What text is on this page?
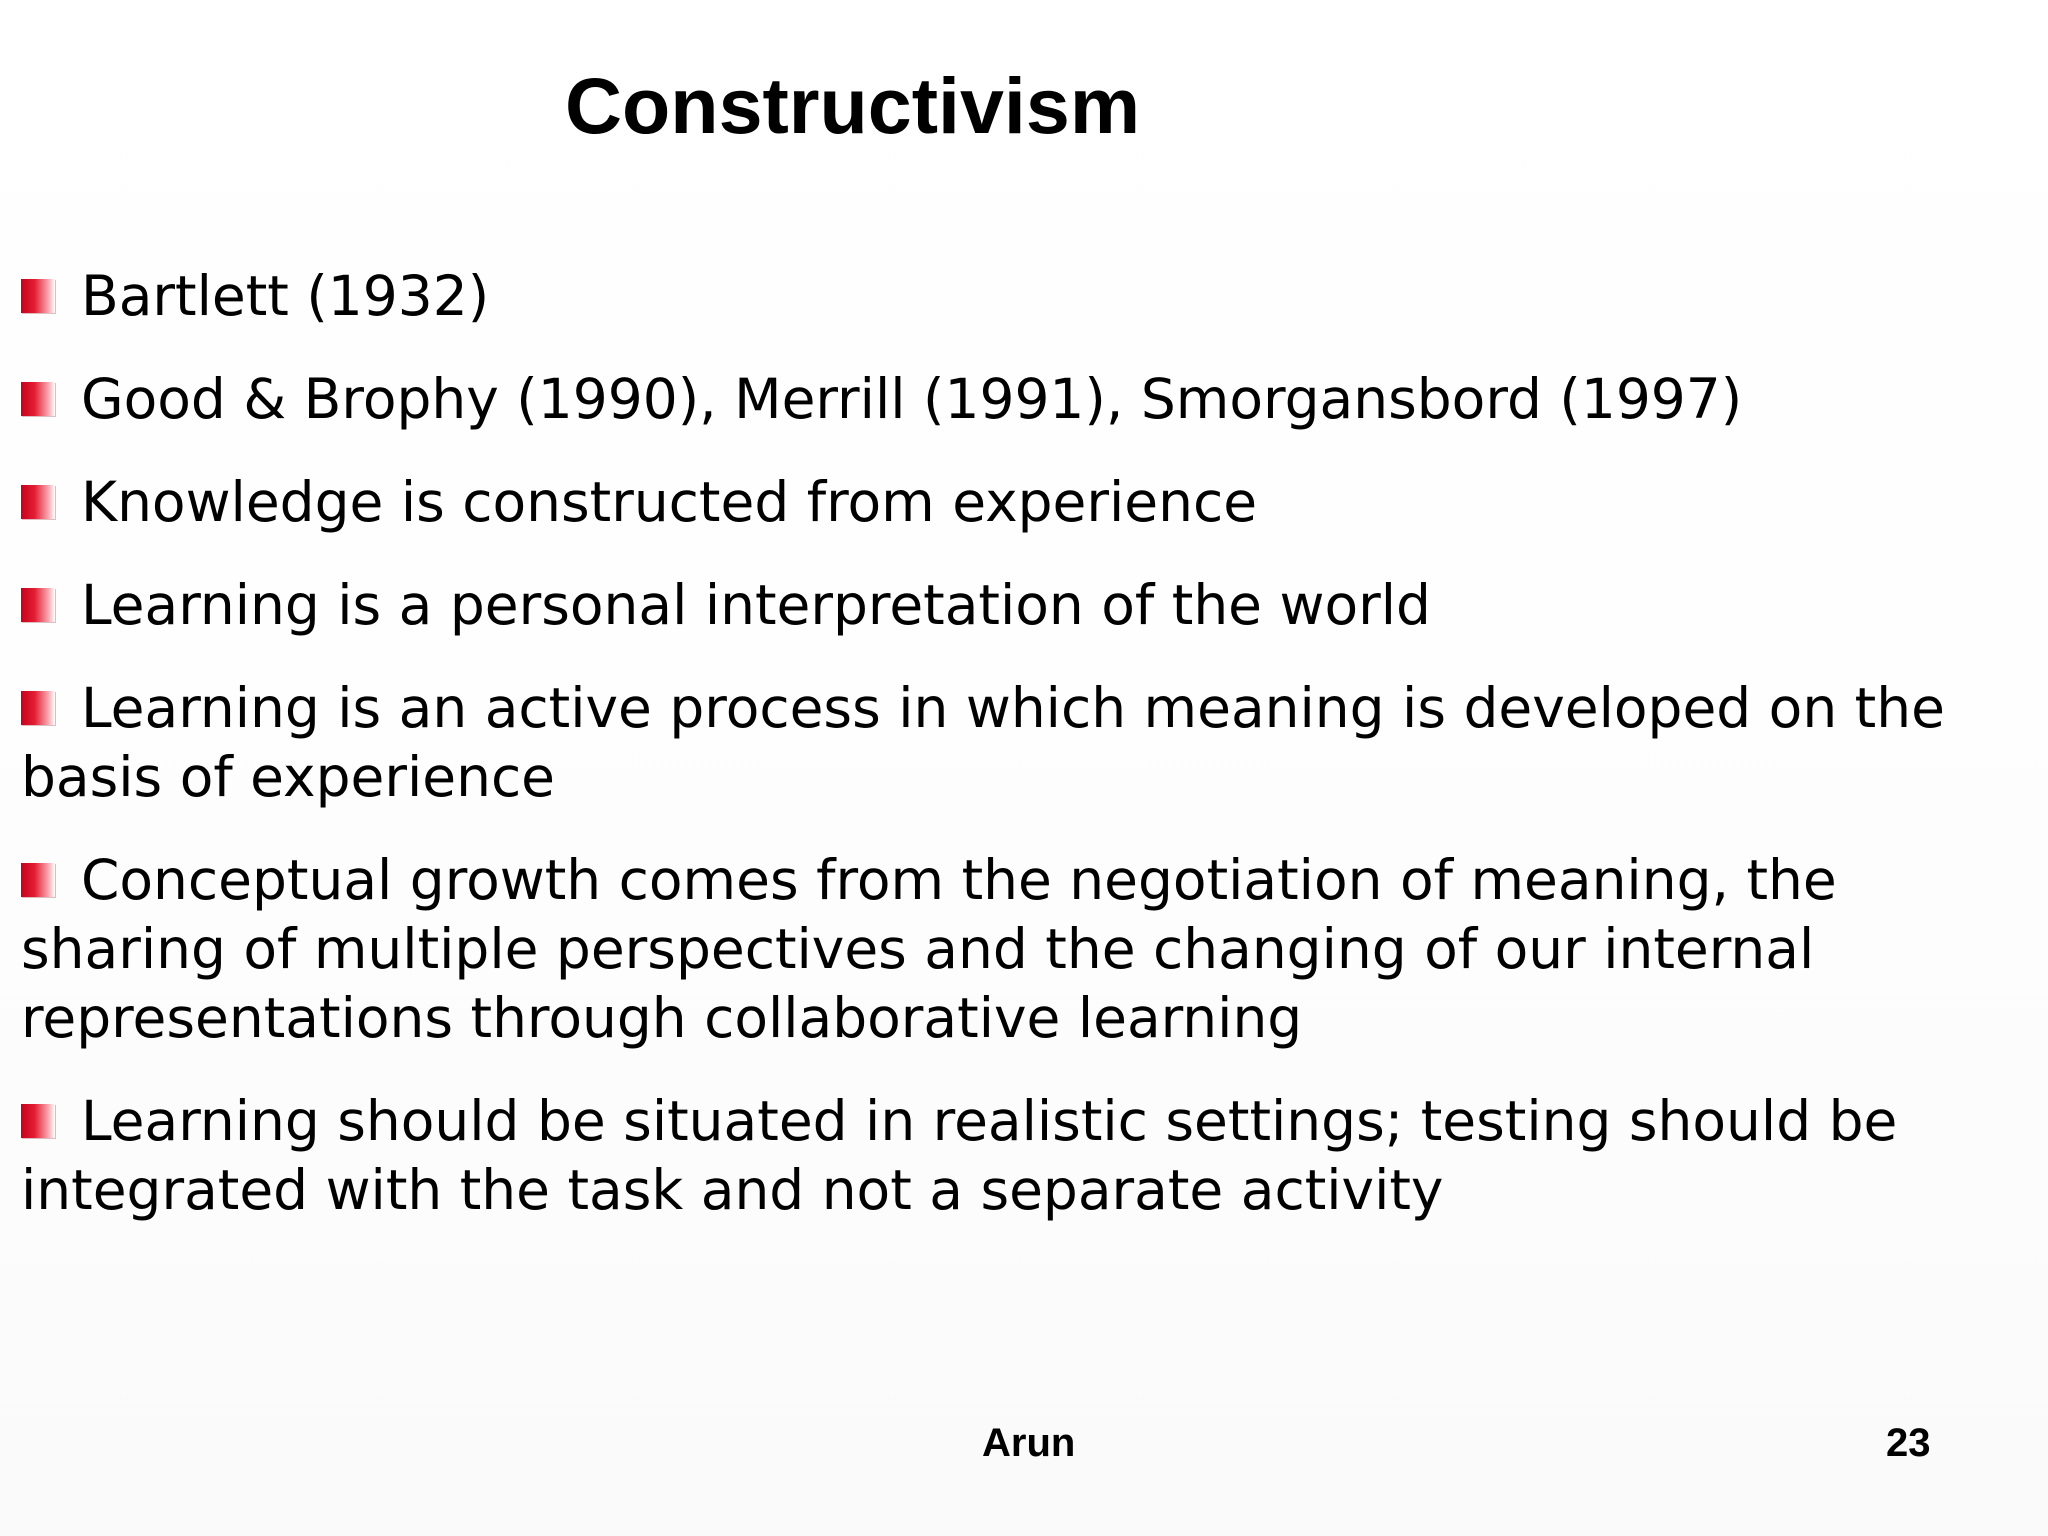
Constructivism
Bartlett (1932)
Good & Brophy (1990), Merrill (1991), Smorgansbord (1997)
Knowledge is constructed from experience
Learning is a personal interpretation of the world
Learning is an active process in which meaning is developed on the basis of experience
Conceptual growth comes from the negotiation of meaning, the sharing of multiple perspectives and the changing of our internal representations through collaborative learning
Learning should be situated in realistic settings; testing should be integrated with the task and not a separate activity
Arun	23
